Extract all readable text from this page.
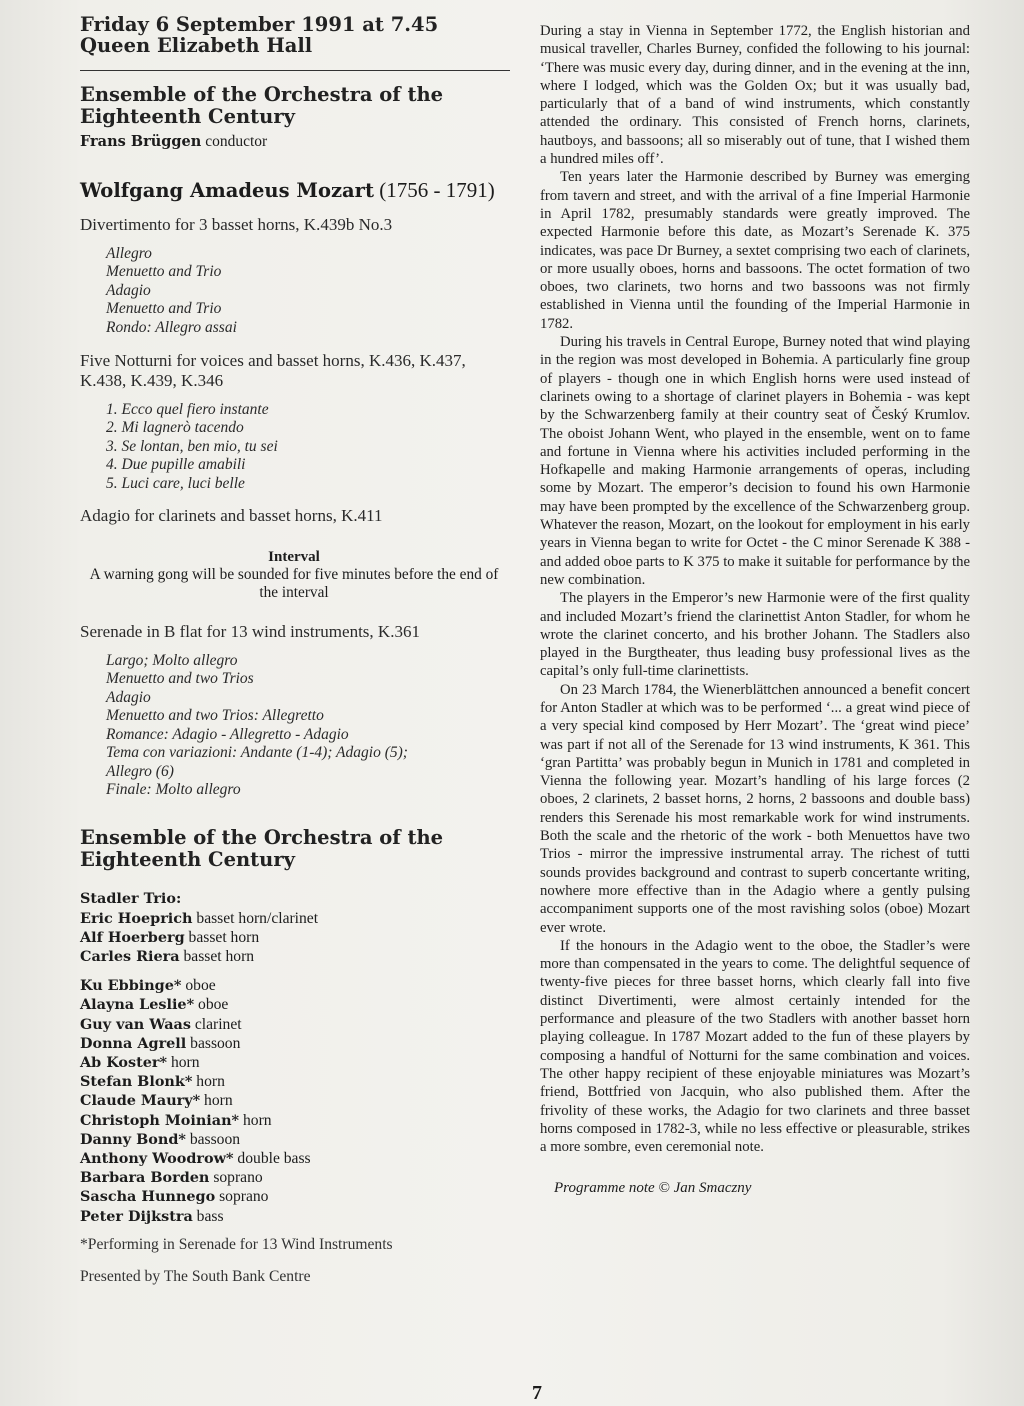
Friday 6 September 1991 at 7.45

Queen Elizabeth Hall

Ensemble of the Orchestra of the Eighteenth Century

Frans Brüggen conductor
Wolfgang Amadeus Mozart (1756 - 1791)
Divertimento for 3 basset horns, K.439b No.3
Allegro
Menuetto and Trio
Adagio
Menuetto and Trio
Rondo: Allegro assai
Five Notturni for voices and basset horns, K.436, K.437, K.438, K.439, K.346
1. Ecco quel fiero instante
2. Mi lagnerò tacendo
3. Se lontan, ben mio, tu sei
4. Due pupille amabili
5. Luci care, luci belle
Adagio for clarinets and basset horns, K.411
Interval
A warning gong will be sounded for five minutes before the end of the interval
Serenade in B flat for 13 wind instruments, K.361
Largo; Molto allegro
Menuetto and two Trios
Adagio
Menuetto and two Trios: Allegretto
Romance: Adagio - Allegretto - Adagio
Tema con variazioni: Andante (1-4); Adagio (5);
Allegro (6)
Finale: Molto allegro

Ensemble of the Orchestra of the Eighteenth Century

Stadler Trio:
Eric Hoeprich basset horn/clarinet
Alf Hoerberg basset horn
Carles Riera basset horn
Ku Ebbinge* oboe
Alayna Leslie* oboe
Guy van Waas clarinet
Donna Agrell bassoon
Ab Koster* horn
Stefan Blonk* horn
Claude Maury* horn
Christoph Moinian* horn
Danny Bond* bassoon
Anthony Woodrow* double bass
Barbara Borden soprano
Sascha Hunnego soprano
Peter Dijkstra bass
*Performing in Serenade for 13 Wind Instruments
Presented by The South Bank Centre

During a stay in Vienna in September 1772, the English historian and musical traveller, Charles Burney, confided the following to his journal: ‘There was music every day, during dinner, and in the evening at the inn, where I lodged, which was the Golden Ox; but it was usually bad, particularly that of a band of wind instruments, which constantly attended the ordinary. This consisted of French horns, clarinets, hautboys, and bassoons; all so miserably out of tune, that I wished them a hundred miles off’.

Ten years later the Harmonie described by Burney was emerging from tavern and street, and with the arrival of a fine Imperial Harmonie in April 1782, presumably standards were greatly improved. The expected Harmonie before this date, as Mozart’s Serenade K. 375 indicates, was pace Dr Burney, a sextet comprising two each of clarinets, or more usually oboes, horns and bassoons. The octet formation of two oboes, two clarinets, two horns and two bassoons was not firmly established in Vienna until the founding of the Imperial Harmonie in 1782.

During his travels in Central Europe, Burney noted that wind playing in the region was most developed in Bohemia. A particularly fine group of players - though one in which English horns were used instead of clarinets owing to a shortage of clarinet players in Bohemia - was kept by the Schwarzenberg family at their country seat of Český Krumlov. The oboist Johann Went, who played in the ensemble, went on to fame and fortune in Vienna where his activities included performing in the Hofkapelle and making Harmonie arrangements of operas, including some by Mozart. The emperor’s decision to found his own Harmonie may have been prompted by the excellence of the Schwarzenberg group. Whatever the reason, Mozart, on the lookout for employment in his early years in Vienna began to write for Octet - the C minor Serenade K 388 - and added oboe parts to K 375 to make it suitable for performance by the new combination.

The players in the Emperor’s new Harmonie were of the first quality and included Mozart’s friend the clarinettist Anton Stadler, for whom he wrote the clarinet concerto, and his brother Johann. The Stadlers also played in the Burgtheater, thus leading busy professional lives as the capital’s only full-time clarinettists.

On 23 March 1784, the Wienerblättchen announced a benefit concert for Anton Stadler at which was to be performed ‘... a great wind piece of a very special kind composed by Herr Mozart’. The ‘great wind piece’ was part if not all of the Serenade for 13 wind instruments, K 361. This ‘gran Partitta’ was probably begun in Munich in 1781 and completed in Vienna the following year. Mozart’s handling of his large forces (2 oboes, 2 clarinets, 2 basset horns, 2 horns, 2 bassoons and double bass) renders this Serenade his most remarkable work for wind instruments. Both the scale and the rhetoric of the work - both Menuettos have two Trios - mirror the impressive instrumental array. The richest of tutti sounds provides background and contrast to superb concertante writing, nowhere more effective than in the Adagio where a gently pulsing accompaniment supports one of the most ravishing solos (oboe) Mozart ever wrote.

If the honours in the Adagio went to the oboe, the Stadler’s were more than compensated in the years to come. The delightful sequence of twenty-five pieces for three basset horns, which clearly fall into five distinct Divertimenti, were almost certainly intended for the performance and pleasure of the two Stadlers with another basset horn playing colleague. In 1787 Mozart added to the fun of these players by composing a handful of Notturni for the same combination and voices. The other happy recipient of these enjoyable miniatures was Mozart’s friend, Bottfried von Jacquin, who also published them. After the frivolity of these works, the Adagio for two clarinets and three basset horns composed in 1782-3, while no less effective or pleasurable, strikes a more sombre, even ceremonial note.

Programme note © Jan Smaczny
7
